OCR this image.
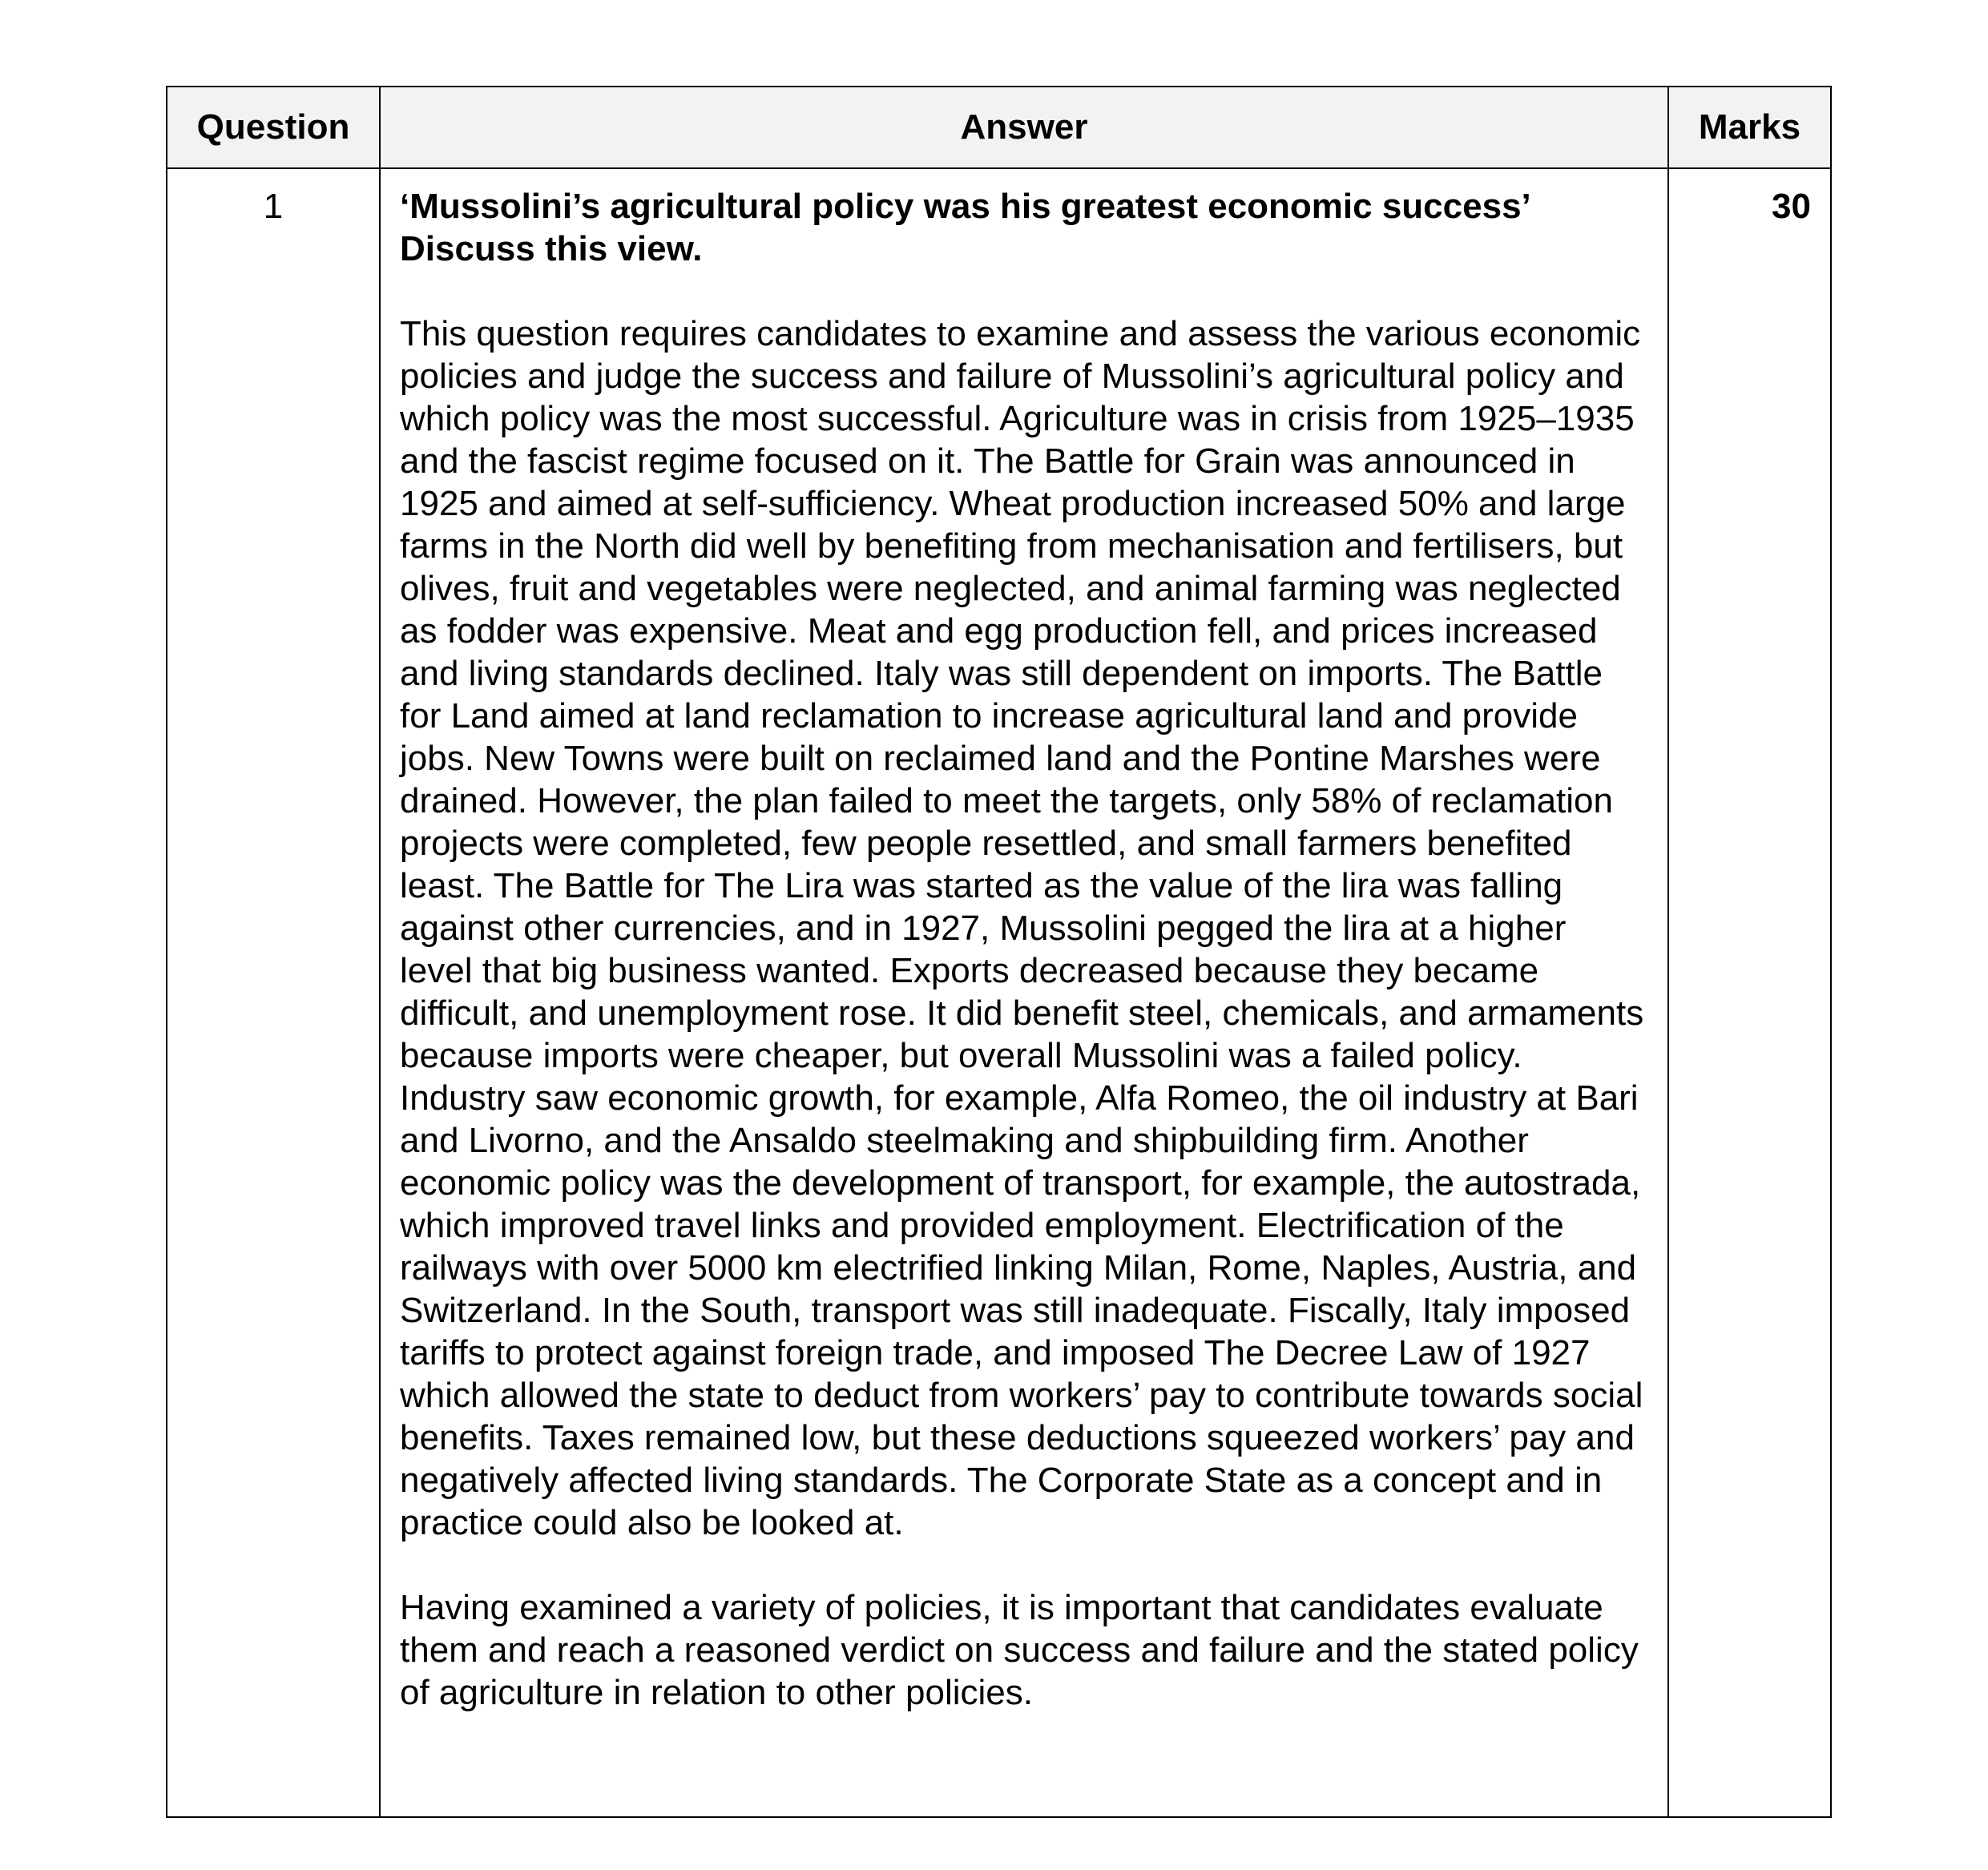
Question	Answer	Marks
1	‘Mussolini’s agricultural policy was his greatest economic success’
Discuss this view.

This question requires candidates to examine and assess the various economic policies and judge the success and failure of Mussolini’s agricultural policy and which policy was the most successful. Agriculture was in crisis from 1925–1935 and the fascist regime focused on it. The Battle for Grain was announced in 1925 and aimed at self-sufficiency. Wheat production increased 50% and large farms in the North did well by benefiting from mechanisation and fertilisers, but olives, fruit and vegetables were neglected, and animal farming was neglected as fodder was expensive. Meat and egg production fell, and prices increased and living standards declined. Italy was still dependent on imports. The Battle for Land aimed at land reclamation to increase agricultural land and provide jobs. New Towns were built on reclaimed land and the Pontine Marshes were drained. However, the plan failed to meet the targets, only 58% of reclamation projects were completed, few people resettled, and small farmers benefited least. The Battle for The Lira was started as the value of the lira was falling against other currencies, and in 1927, Mussolini pegged the lira at a higher level that big business wanted. Exports decreased because they became difficult, and unemployment rose. It did benefit steel, chemicals, and armaments because imports were cheaper, but overall Mussolini was a failed policy. Industry saw economic growth, for example, Alfa Romeo, the oil industry at Bari and Livorno, and the Ansaldo steelmaking and shipbuilding firm. Another economic policy was the development of transport, for example, the autostrada, which improved travel links and provided employment. Electrification of the railways with over 5000 km electrified linking Milan, Rome, Naples, Austria, and Switzerland. In the South, transport was still inadequate. Fiscally, Italy imposed tariffs to protect against foreign trade, and imposed The Decree Law of 1927 which allowed the state to deduct from workers’ pay to contribute towards social benefits. Taxes remained low, but these deductions squeezed workers’ pay and negatively affected living standards. The Corporate State as a concept and in practice could also be looked at.

Having examined a variety of policies, it is important that candidates evaluate them and reach a reasoned verdict on success and failure and the stated policy of agriculture in relation to other policies.	30
